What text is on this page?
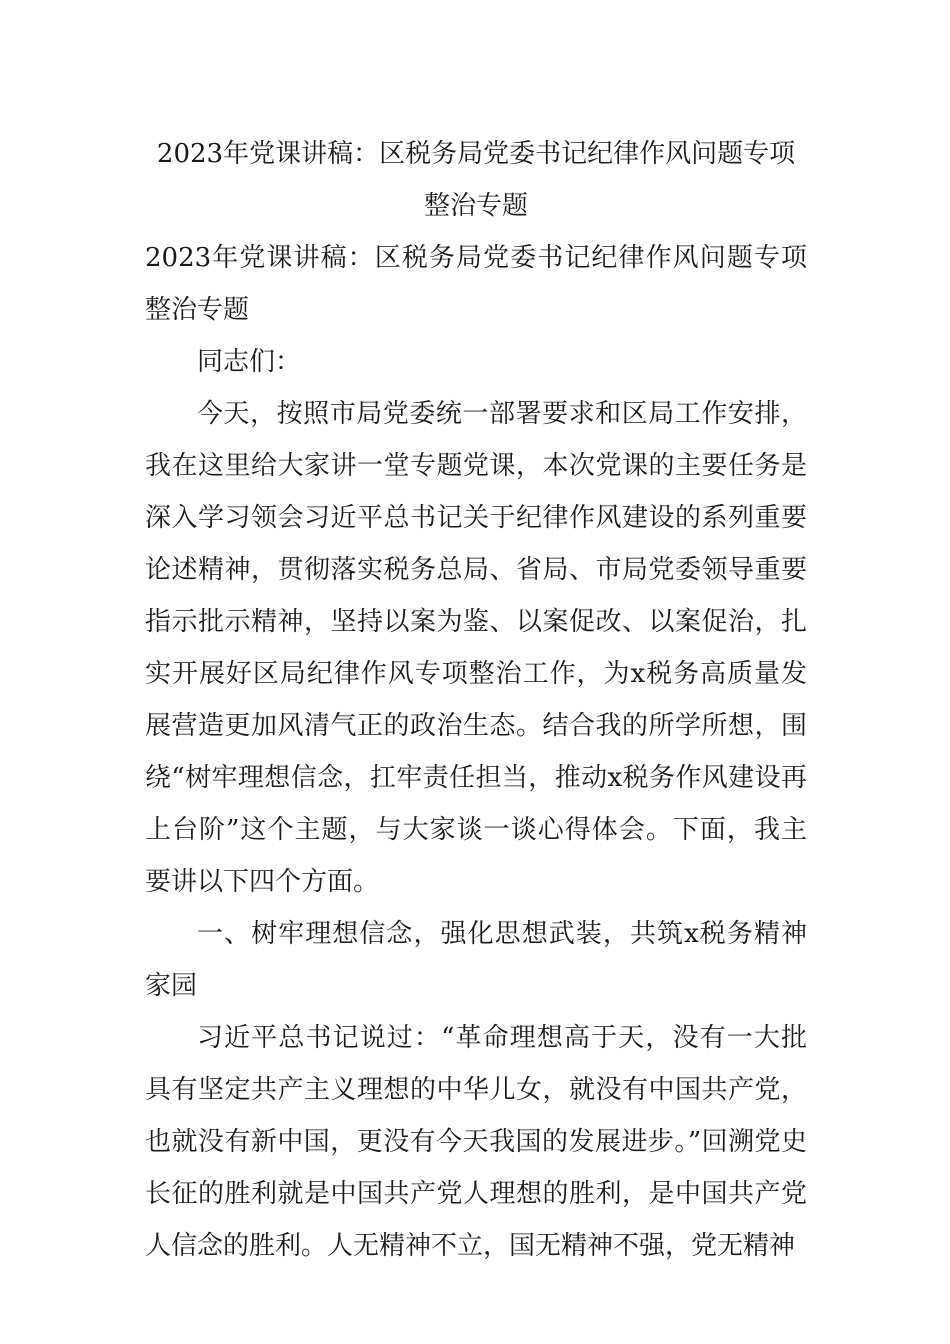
2023年党课讲稿：区税务局党委书记纪律作风问题专项整治专题

2023年党课讲稿：区税务局党委书记纪律作风问题专项整治专题

同志们：

今天，按照市局党委统一部署要求和区局工作安排，我在这里给大家讲一堂专题党课，本次党课的主要任务是深入学习领会习近平总书记关于纪律作风建设的系列重要论述精神，贯彻落实税务总局、省局、市局党委领导重要指示批示精神，坚持以案为鉴、以案促改、以案促治，扎实开展好区局纪律作风专项整治工作，为x税务高质量发展营造更加风清气正的政治生态。结合我的所学所想，围绕“树牢理想信念，扛牢责任担当，推动x税务作风建设再上台阶”这个主题，与大家谈一谈心得体会。下面，我主要讲以下四个方面。

一、树牢理想信念，强化思想武装，共筑x税务精神家园

习近平总书记说过：“革命理想高于天，没有一大批具有坚定共产主义理想的中华儿女，就没有中国共产党，也就没有新中国，更没有今天我国的发展进步。”回溯党史长征的胜利就是中国共产党人理想的胜利，是中国共产党人信念的胜利。人无精神不立，国无精神不强，党无精神
